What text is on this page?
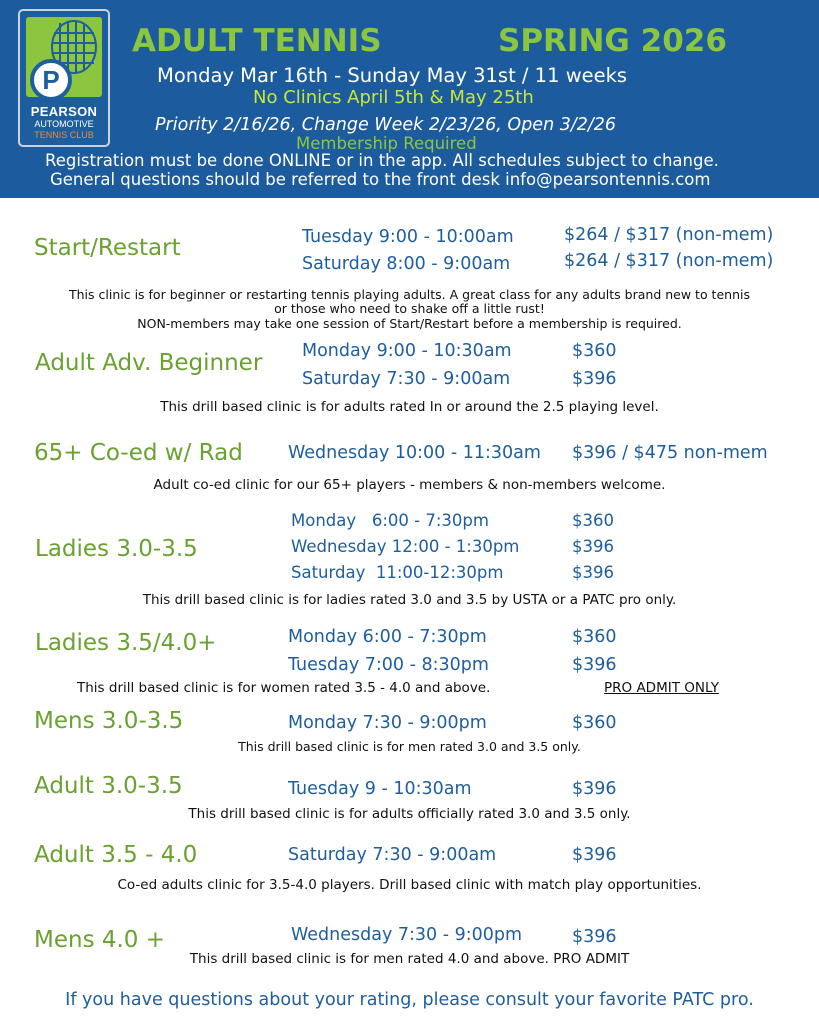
P
PEARSON
AUTOMOTIVE
TENNIS CLUB
ADULT TENNIS	SPRING 2026
Monday Mar 16th - Sunday May 31st / 11 weeks
No Clinics April 5th & May 25th
Priority 2/16/26, Change Week 2/23/26, Open 3/2/26
Membership Required
Registration must be done ONLINE or in the app. All schedules subject to change.
General questions should be referred to the front desk info@pearsontennis.com
Start/Restart	Tuesday 9:00 - 10:00am	$264 / $317 (non-mem)
Saturday 8:00 - 9:00am	$264 / $317 (non-mem)
This clinic is for beginner or restarting tennis playing adults. A great class for any adults brand new to tennis
or those who need to shake off a little rust!
NON-members may take one session of Start/Restart before a membership is required.
Adult Adv. Beginner Monday 9:00 - 10:30am	$360
Saturday 7:30 - 9:00am	$396
This drill based clinic is for adults rated In or around the 2.5 playing level.
65+ Co-ed w/ Rad	Wednesday 10:00 - 11:30am $396 / $475 non-mem
Adult co-ed clinic for our 65+ players - members & non-members welcome.
Ladies 3.0-3.5
Monday   6:00 - 7:30pm	$360
Wednesday 12:00 - 1:30pm	$396
Saturday  11:00-12:30pm	$396
This drill based clinic is for ladies rated 3.0 and 3.5 by USTA or a PATC pro only.
Ladies 3.5/4.0+	Monday 6:00 - 7:30pm	$360
Tuesday 7:00 - 8:30pm	$396
This drill based clinic is for women rated 3.5 - 4.0 and above.	PRO ADMIT ONLY
Mens 3.0-3.5	Monday 7:30 - 9:00pm	$360
This drill based clinic is for men rated 3.0 and 3.5 only.
Adult 3.0-3.5	Tuesday 9 - 10:30am	$396
This drill based clinic is for adults officially rated 3.0 and 3.5 only.
Adult 3.5 - 4.0	Saturday 7:30 - 9:00am	$396
Co-ed adults clinic for 3.5-4.0 players. Drill based clinic with match play opportunities.
Mens 4.0 +	Wednesday 7:30 - 9:00pm	$396
This drill based clinic is for men rated 4.0 and above. PRO ADMIT
If you have questions about your rating, please consult your favorite PATC pro.
